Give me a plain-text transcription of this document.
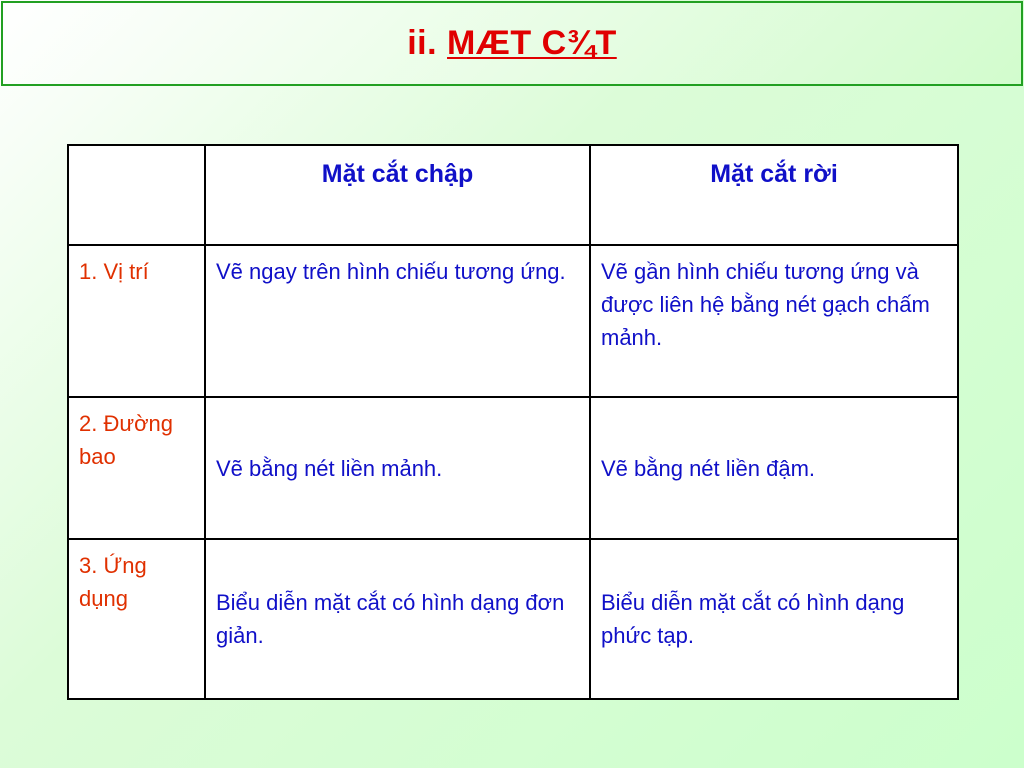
ii. MÆT C¾T
	Mặt cắt chập	Mặt cắt rời
1. Vị trí	Vẽ ngay trên hình chiếu tương ứng.	Vẽ gần hình chiếu tương ứng và được liên hệ bằng nét gạch chấm mảnh.
2. Đường bao	Vẽ bằng nét liền mảnh.	Vẽ bằng nét liền đậm.
3. Ứng dụng	Biểu diễn mặt cắt có hình dạng đơn giản.	Biểu diễn mặt cắt có hình dạng phức tạp.
